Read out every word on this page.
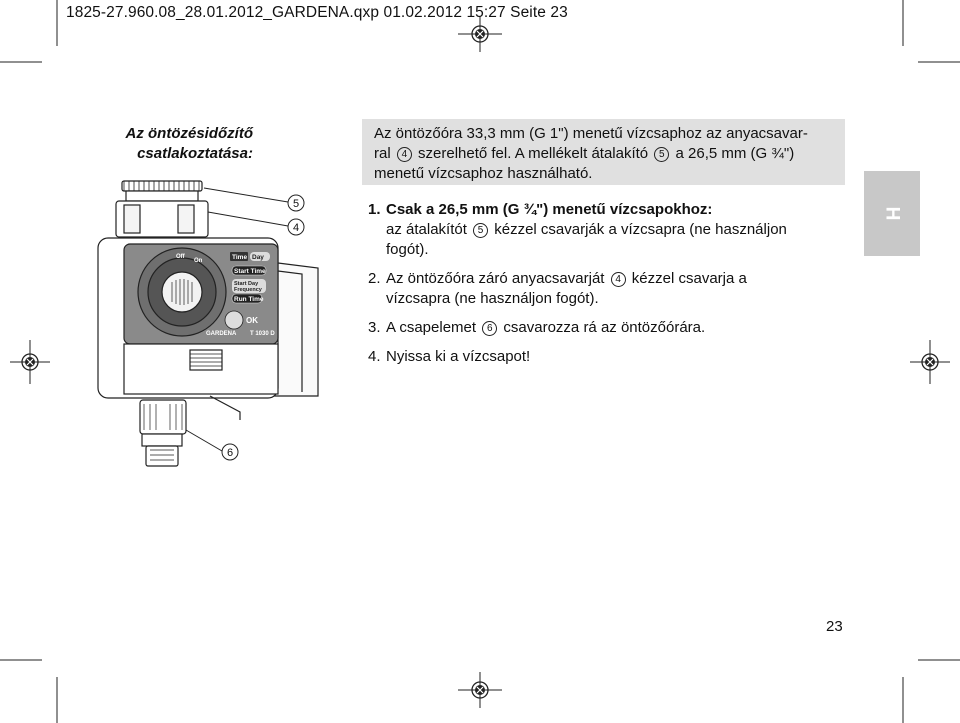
1825-27.960.08_28.01.2012_GARDENA.qxp 01.02.2012 15:27 Seite 23
Az öntözésidőzítő
csatlakoztatása:
Az öntözőóra 33,3 mm (G 1") menetű vízcsaphoz az anyacsavar-
ral 4 szerelhető fel. A mellékelt átalakító 5 a 26,5 mm (G ¾")
menetű vízcsaphoz használható.
1. Csak a 26,5 mm (G ¾") menetű vízcsapokhoz:
az átalakítót 5 kézzel csavarják a vízcsapra (ne használjon
fogót).
2. Az öntözőóra záró anyacsavarját 4 kézzel csavarja a
vízcsapra (ne használjon fogót).
3. A csapelemet 6 csavarozza rá az öntözőórára.
4. Nyissa ki a vízcsapot!
H
23
Time Day
Start Time
Start Day
Frequency
Run Time
OK
GARDENA T 1030 D
Off
On
5
4
6
